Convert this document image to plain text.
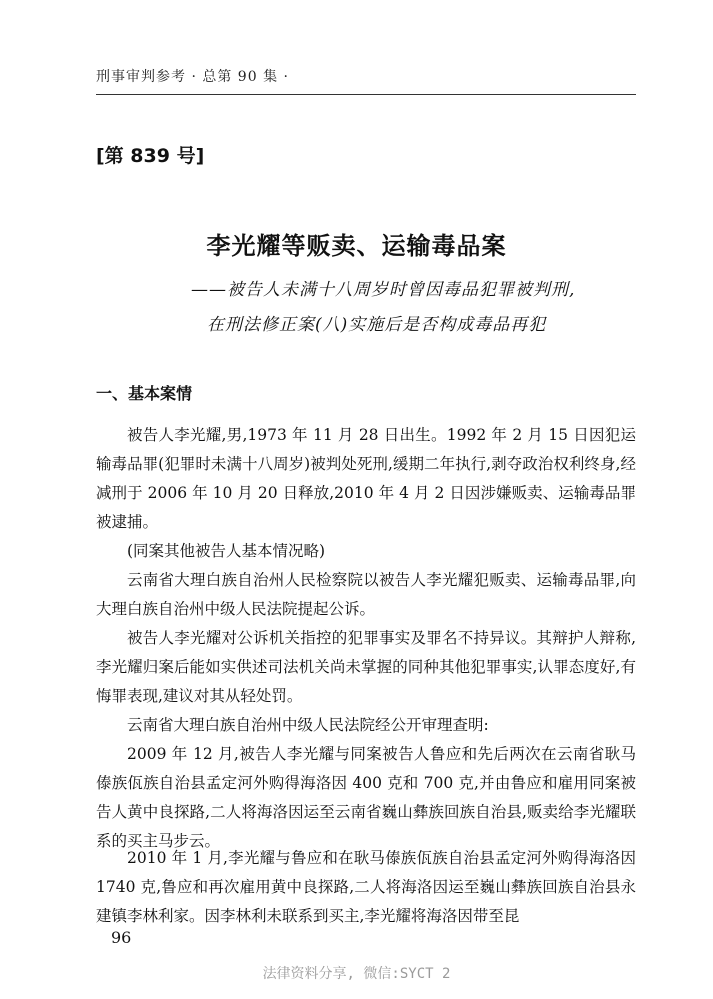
刑事审判参考 · 总第 90 集 ·
[第 839 号]
李光耀等贩卖、运输毒品案
——被告人未满十八周岁时曾因毒品犯罪被判刑,
在刑法修正案(八)实施后是否构成毒品再犯
一、基本案情
被告人李光耀,男,1973 年 11 月 28 日出生。1992 年 2 月 15 日因犯运输毒品罪(犯罪时未满十八周岁)被判处死刑,缓期二年执行,剥夺政治权利终身,经减刑于 2006 年 10 月 20 日释放,2010 年 4 月 2 日因涉嫌贩卖、运输毒品罪被逮捕。
(同案其他被告人基本情况略)
云南省大理白族自治州人民检察院以被告人李光耀犯贩卖、运输毒品罪,向大理白族自治州中级人民法院提起公诉。
被告人李光耀对公诉机关指控的犯罪事实及罪名不持异议。其辩护人辩称,李光耀归案后能如实供述司法机关尚未掌握的同种其他犯罪事实,认罪态度好,有悔罪表现,建议对其从轻处罚。
云南省大理白族自治州中级人民法院经公开审理查明:
2009 年 12 月,被告人李光耀与同案被告人鲁应和先后两次在云南省耿马傣族佤族自治县孟定河外购得海洛因 400 克和 700 克,并由鲁应和雇用同案被告人黄中良探路,二人将海洛因运至云南省巍山彝族回族自治县,贩卖给李光耀联系的买主马步云。
2010 年 1 月,李光耀与鲁应和在耿马傣族佤族自治县孟定河外购得海洛因 1740 克,鲁应和再次雇用黄中良探路,二人将海洛因运至巍山彝族回族自治县永建镇李林利家。因李林利未联系到买主,李光耀将海洛因带至昆
96
法律资料分享, 微信:SYCT 2
